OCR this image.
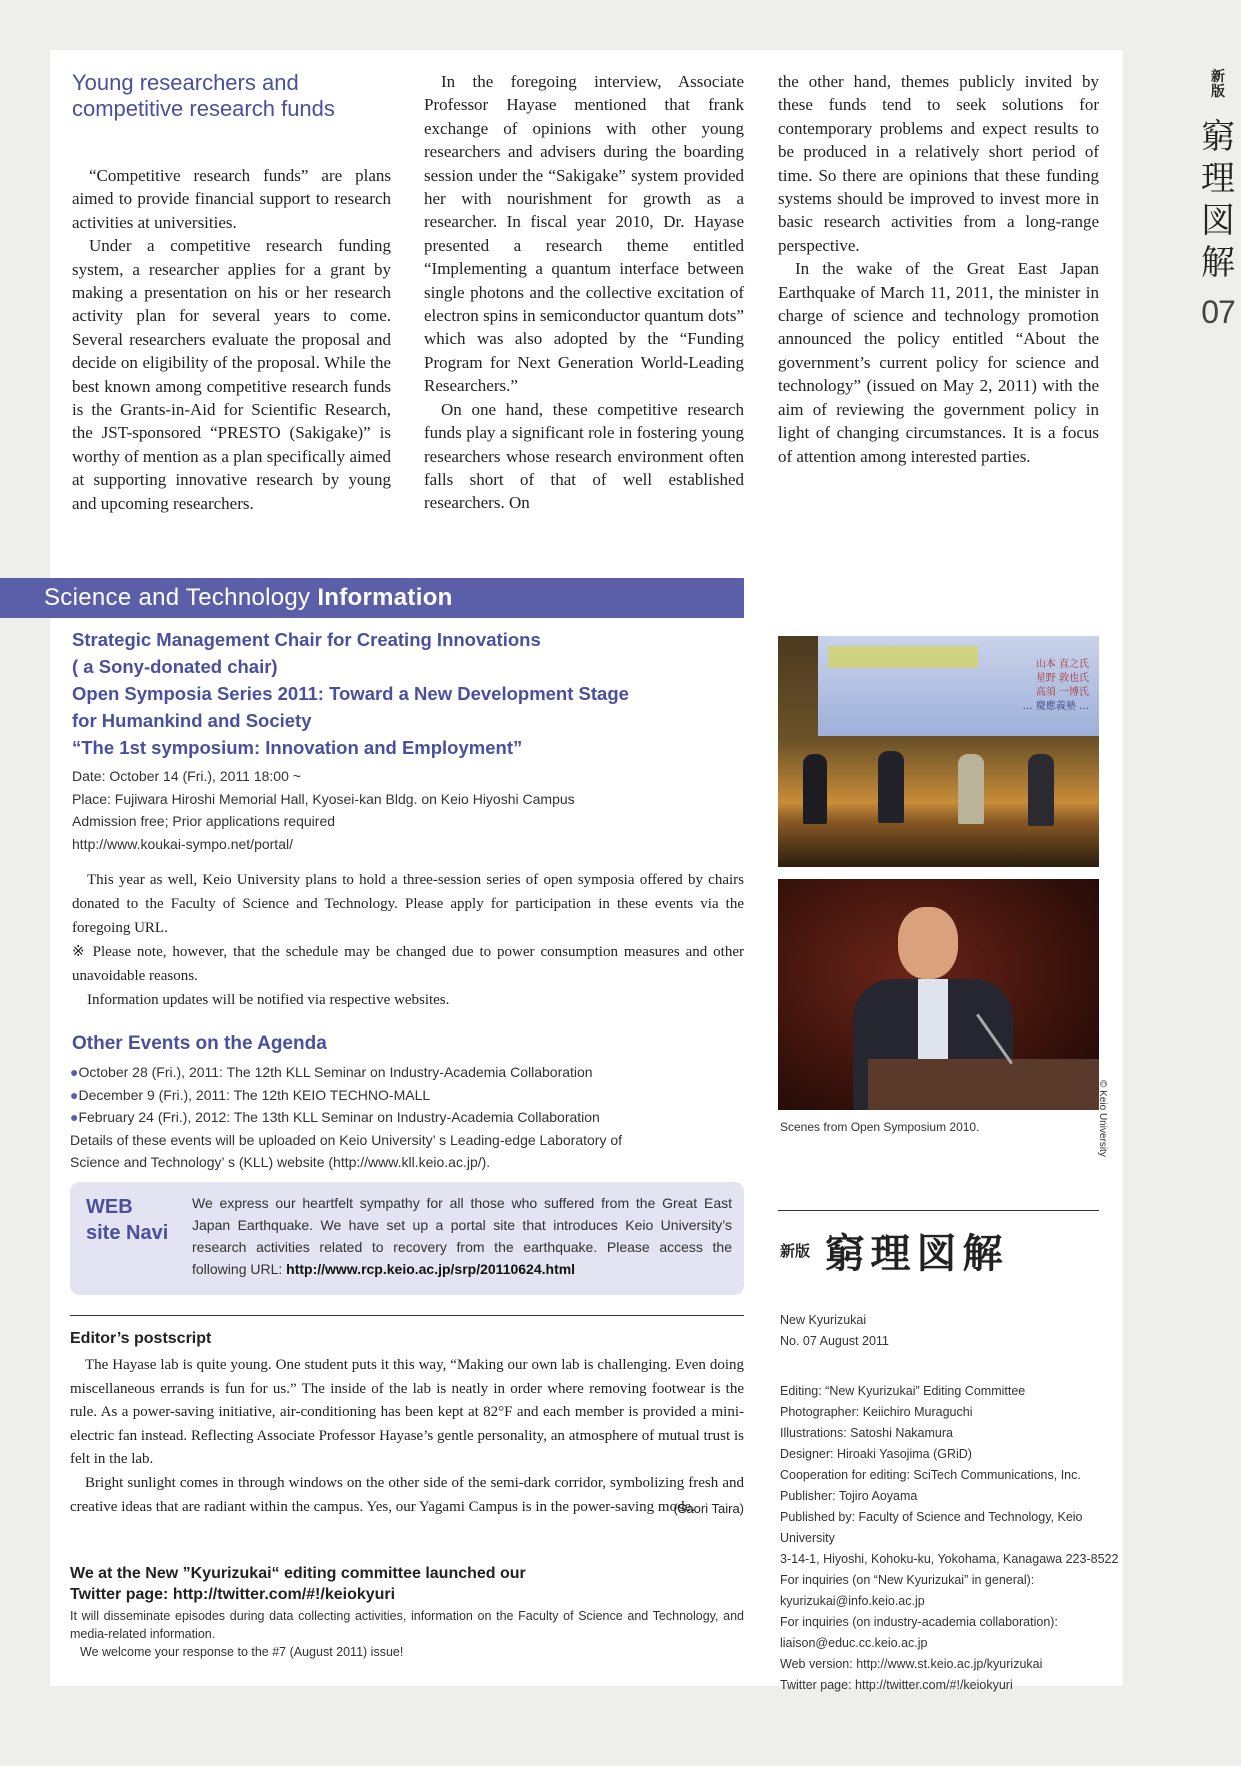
新版
窮
理
図
解
07
Young researchers and competitive research funds

“Competitive research funds” are plans aimed to provide financial support to research activities at universities.

Under a competitive research funding system, a researcher applies for a grant by making a presentation on his or her research activity plan for several years to come. Several researchers evaluate the proposal and decide on eligibility of the proposal. While the best known among competitive research funds is the Grants-in-Aid for Scientific Research, the JST-sponsored “PRESTO (Sakigake)” is worthy of mention as a plan specifically aimed at supporting innovative research by young and upcoming researchers.

In the foregoing interview, Associate Professor Hayase mentioned that frank exchange of opinions with other young researchers and advisers during the boarding session under the “Sakigake” system provided her with nourishment for growth as a researcher. In fiscal year 2010, Dr. Hayase presented a research theme entitled “Implementing a quantum interface between single photons and the collective excitation of electron spins in semiconductor quantum dots” which was also adopted by the “Funding Program for Next Generation World-Leading Researchers.”

On one hand, these competitive research funds play a significant role in fostering young researchers whose research environment often falls short of that of well established researchers. On

the other hand, themes publicly invited by these funds tend to seek solutions for contemporary problems and expect results to be produced in a relatively short period of time. So there are opinions that these funding systems should be improved to invest more in basic research activities from a long-range perspective.

In the wake of the Great East Japan Earthquake of March 11, 2011, the minister in charge of science and technology promotion announced the policy entitled “About the government’s current policy for science and technology” (issued on May 2, 2011) with the aim of reviewing the government policy in light of changing circumstances. It is a focus of attention among interested parties.

Science and Technology Information
Strategic Management Chair for Creating Innovations
( a Sony-donated chair)
Open Symposia Series 2011: Toward a New Development Stage
for Humankind and Society
“The 1st symposium: Innovation and Employment”
Date: October 14 (Fri.), 2011 18:00 ~
Place: Fujiwara Hiroshi Memorial Hall, Kyosei-kan Bldg. on Keio Hiyoshi Campus
Admission free; Prior applications required
http://www.koukai-sympo.net/portal/

This year as well, Keio University plans to hold a three-session series of open symposia offered by chairs donated to the Faculty of Science and Technology. Please apply for participation in these events via the foregoing URL.

※ Please note, however, that the schedule may be changed due to power consumption measures and other unavoidable reasons.

Information updates will be notified via respective websites.

Other Events on the Agenda
●October 28 (Fri.), 2011: The 12th KLL Seminar on Industry-Academia Collaboration
●December 9 (Fri.), 2011: The 12th KEIO TECHNO-MALL
●February 24 (Fri.), 2012: The 13th KLL Seminar on Industry-Academia Collaboration
Details of these events will be uploaded on Keio University’ s Leading-edge Laboratory of Science and Technology’ s (KLL) website (http://www.kll.keio.ac.jp/).
WEB
site Navi
We express our heartfelt sympathy for all those who suffered from the Great East Japan Earthquake. We have set up a portal site that introduces Keio University’s research activities related to recovery from the earthquake. Please access the following URL: http://www.rcp.keio.ac.jp/srp/20110624.html
Editor’s postscript

The Hayase lab is quite young. One student puts it this way, “Making our own lab is challenging. Even doing miscellaneous errands is fun for us.” The inside of the lab is neatly in order where removing footwear is the rule. As a power-saving initiative, air-conditioning has been kept at 82°F and each member is provided a mini-electric fan instead. Reflecting Associate Professor Hayase’s gentle personality, an atmosphere of mutual trust is felt in the lab.

Bright sunlight comes in through windows on the other side of the semi-dark corridor, symbolizing fresh and creative ideas that are radiant within the campus. Yes, our Yagami Campus is in the power-saving mode.

(Saori Taira)
We at the New ”Kyurizukai“ editing committee launched our
Twitter page: http://twitter.com/#!/keiokyuri
It will disseminate episodes during data collecting activities, information on the Faculty of Science and Technology, and media-related information.
We welcome your response to the #7 (August 2011) issue!
山本 直之氏
星野 敦也氏
高須 一博氏
… 慶應義塾 …
© Keio University
Scenes from Open Symposium 2010.
新版 窮理図解
New Kyurizukai
No. 07 August 2011
Editing: “New Kyurizukai” Editing Committee
Photographer: Keiichiro Muraguchi
Illustrations: Satoshi Nakamura
Designer: Hiroaki Yasojima (GRiD)
Cooperation for editing: SciTech Communications, Inc.
Publisher: Tojiro Aoyama
Published by: Faculty of Science and Technology, Keio University
3-14-1, Hiyoshi, Kohoku-ku, Yokohama, Kanagawa 223-8522
For inquiries (on “New Kyurizukai” in general):
kyurizukai@info.keio.ac.jp
For inquiries (on industry-academia collaboration):
liaison@educ.cc.keio.ac.jp
Web version: http://www.st.keio.ac.jp/kyurizukai
Twitter page: http://twitter.com/#!/keiokyuri
